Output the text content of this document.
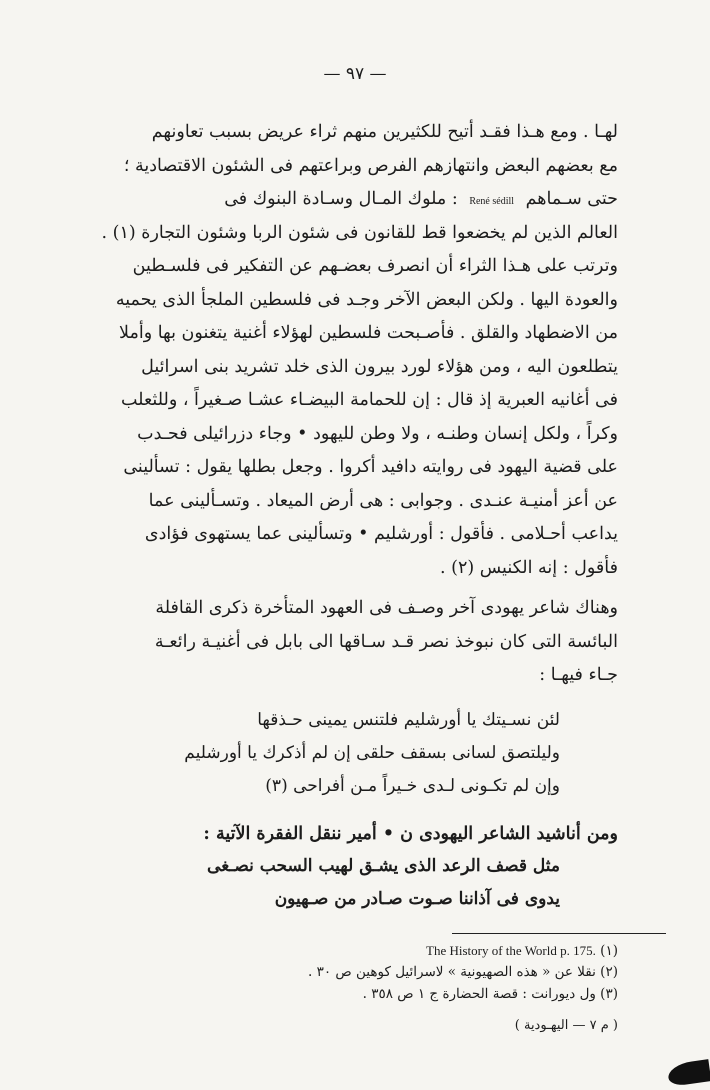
— ٩٧ —
لهـا . ومع هـذا فقـد أتيح للكثيرين منهم ثراء عريض بسبب تعاونهم
مع بعضهم البعض وانتهازهم الفرص وبراعتهم فى الشئون الاقتصادية ؛
حتى سـماهم René sédill : ملوك المـال وسـادة البنوك فى
العالم الذين لم يخضعوا قط للقانون فى شئون الربا وشئون التجارة (١) .
وترتب على هـذا الثراء أن انصرف بعضـهم عن التفكير فى فلسـطين
والعودة اليها . ولكن البعض الآخر وجـد فى فلسطين الملجأ الذى يحميه
من الاضطهاد والقلق . فأصـبحت فلسطين لهؤلاء أغنية يتغنون بها وأملا
يتطلعون اليه ، ومن هؤلاء لورد بيرون الذى خلد تشريد بنى اسرائيل
فى أغانيه العبرية إذ قال : إن للحمامة البيضـاء عشـا صـغيراً ، وللثعلب
وكراً ، ولكل إنسان وطنـه ، ولا وطن لليهود • وجاء دزرائيلى فحـدب
على قضية اليهود فى روايته دافيد أكروا . وجعل بطلها يقول : تسألينى
عن أعز أمنيـة عنـدى . وجوابى : هى أرض الميعاد . وتسـألينى عما
يداعب أحـلامى . فأقول : أورشليم • وتسألينى عما يستهوى فؤادى
فأقول : إنه الكنيس (٢) .
وهناك شاعر يهودى آخر وصـف فى العهود المتأخرة ذكرى القافلة
البائسة التى كان نبوخذ نصر قـد سـاقها الى بابل فى أغنيـة رائعـة
جـاء فيهـا :
لئن نسـيتك يا أورشليم فلتنس يمينى حـذقها
وليلتصق لسانى بسقف حلقى إن لم أذكرك يا أورشليم
وإن لم تكـونى لـدى خـيراً مـن أفراحى (٣)
ومن أناشيد الشاعر اليهودى ن • أمير ننقل الفقرة الآتية :
مثل قصف الرعد الذى يشـق لهيب السحب نصـغى
يدوى فى آذاننا صـوت صـادر من صـهيون
(١) The History of the World p. 175.
(٢) نقلا عن « هذه الصهيونية » لاسرائيل كوهين ص ٣٠ .
(٣) ول ديورانت : قصة الحضارة ج ١ ص ٣٥٨ .
( م ٧ — اليهـودية )
